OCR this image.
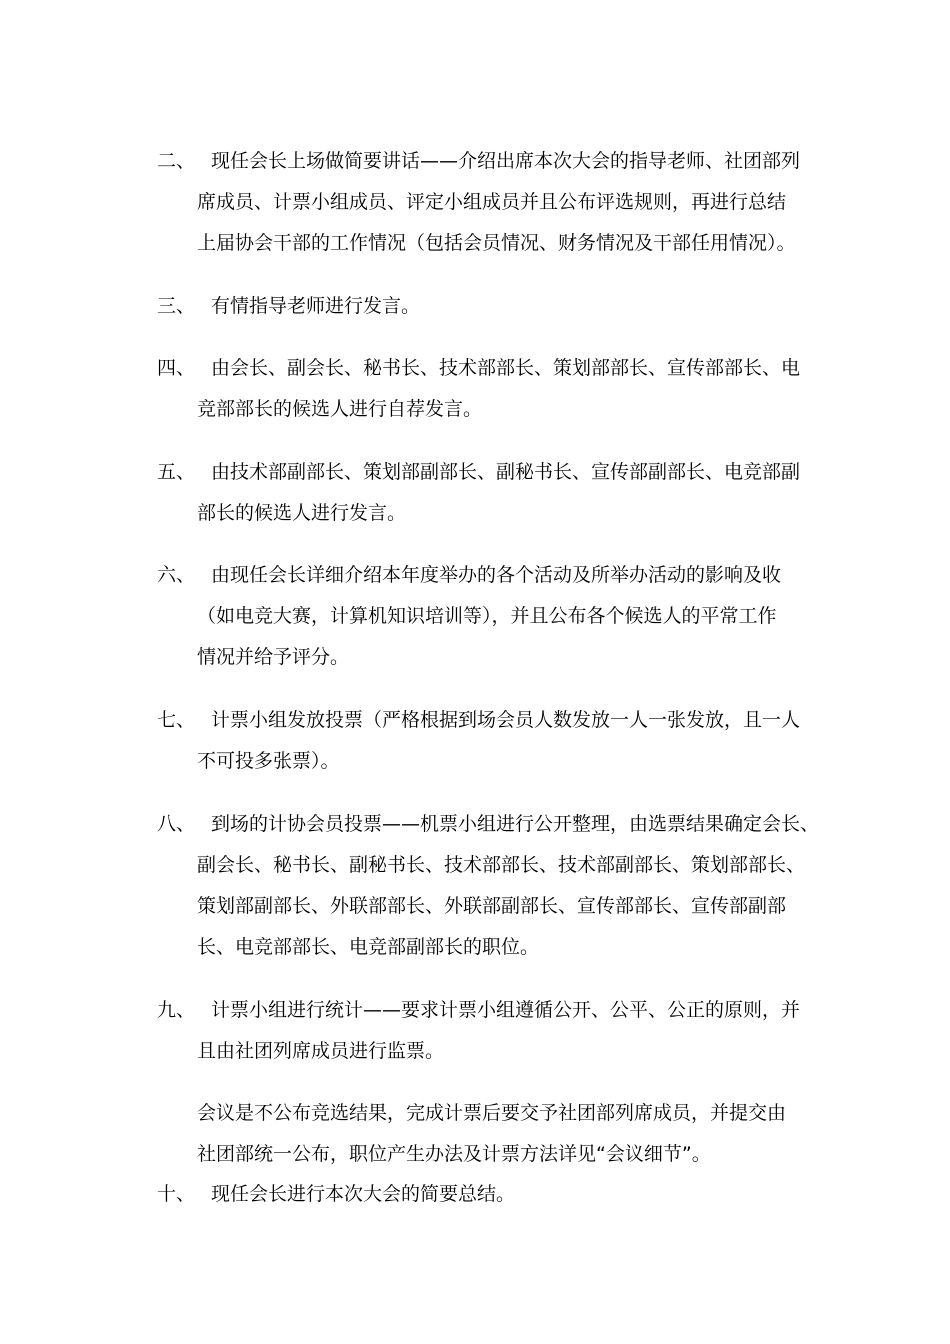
二、 现任会长上场做简要讲话——介绍出席本次大会的指导老师、社团部列
席成员、计票小组成员、评定小组成员并且公布评选规则，再进行总结
上届协会干部的工作情况（包括会员情况、财务情况及干部任用情况）。
三、 有情指导老师进行发言。
四、 由会长、副会长、秘书长、技术部部长、策划部部长、宣传部部长、电
竞部部长的候选人进行自荐发言。
五、 由技术部副部长、策划部副部长、副秘书长、宣传部副部长、电竞部副
部长的候选人进行发言。
六、 由现任会长详细介绍本年度举办的各个活动及所举办活动的影响及收
（如电竞大赛，计算机知识培训等），并且公布各个候选人的平常工作
情况并给予评分。
七、 计票小组发放投票（严格根据到场会员人数发放一人一张发放，且一人
不可投多张票）。
八、 到场的计协会员投票——机票小组进行公开整理，由选票结果确定会长、
副会长、秘书长、副秘书长、技术部部长、技术部副部长、策划部部长、
策划部副部长、外联部部长、外联部副部长、宣传部部长、宣传部副部
长、电竞部部长、电竞部副部长的职位。
九、 计票小组进行统计——要求计票小组遵循公开、公平、公正的原则，并
且由社团列席成员进行监票。
会议是不公布竞选结果，完成计票后要交予社团部列席成员，并提交由
社团部统一公布，职位产生办法及计票方法详见“会议细节”。
十、 现任会长进行本次大会的简要总结。
